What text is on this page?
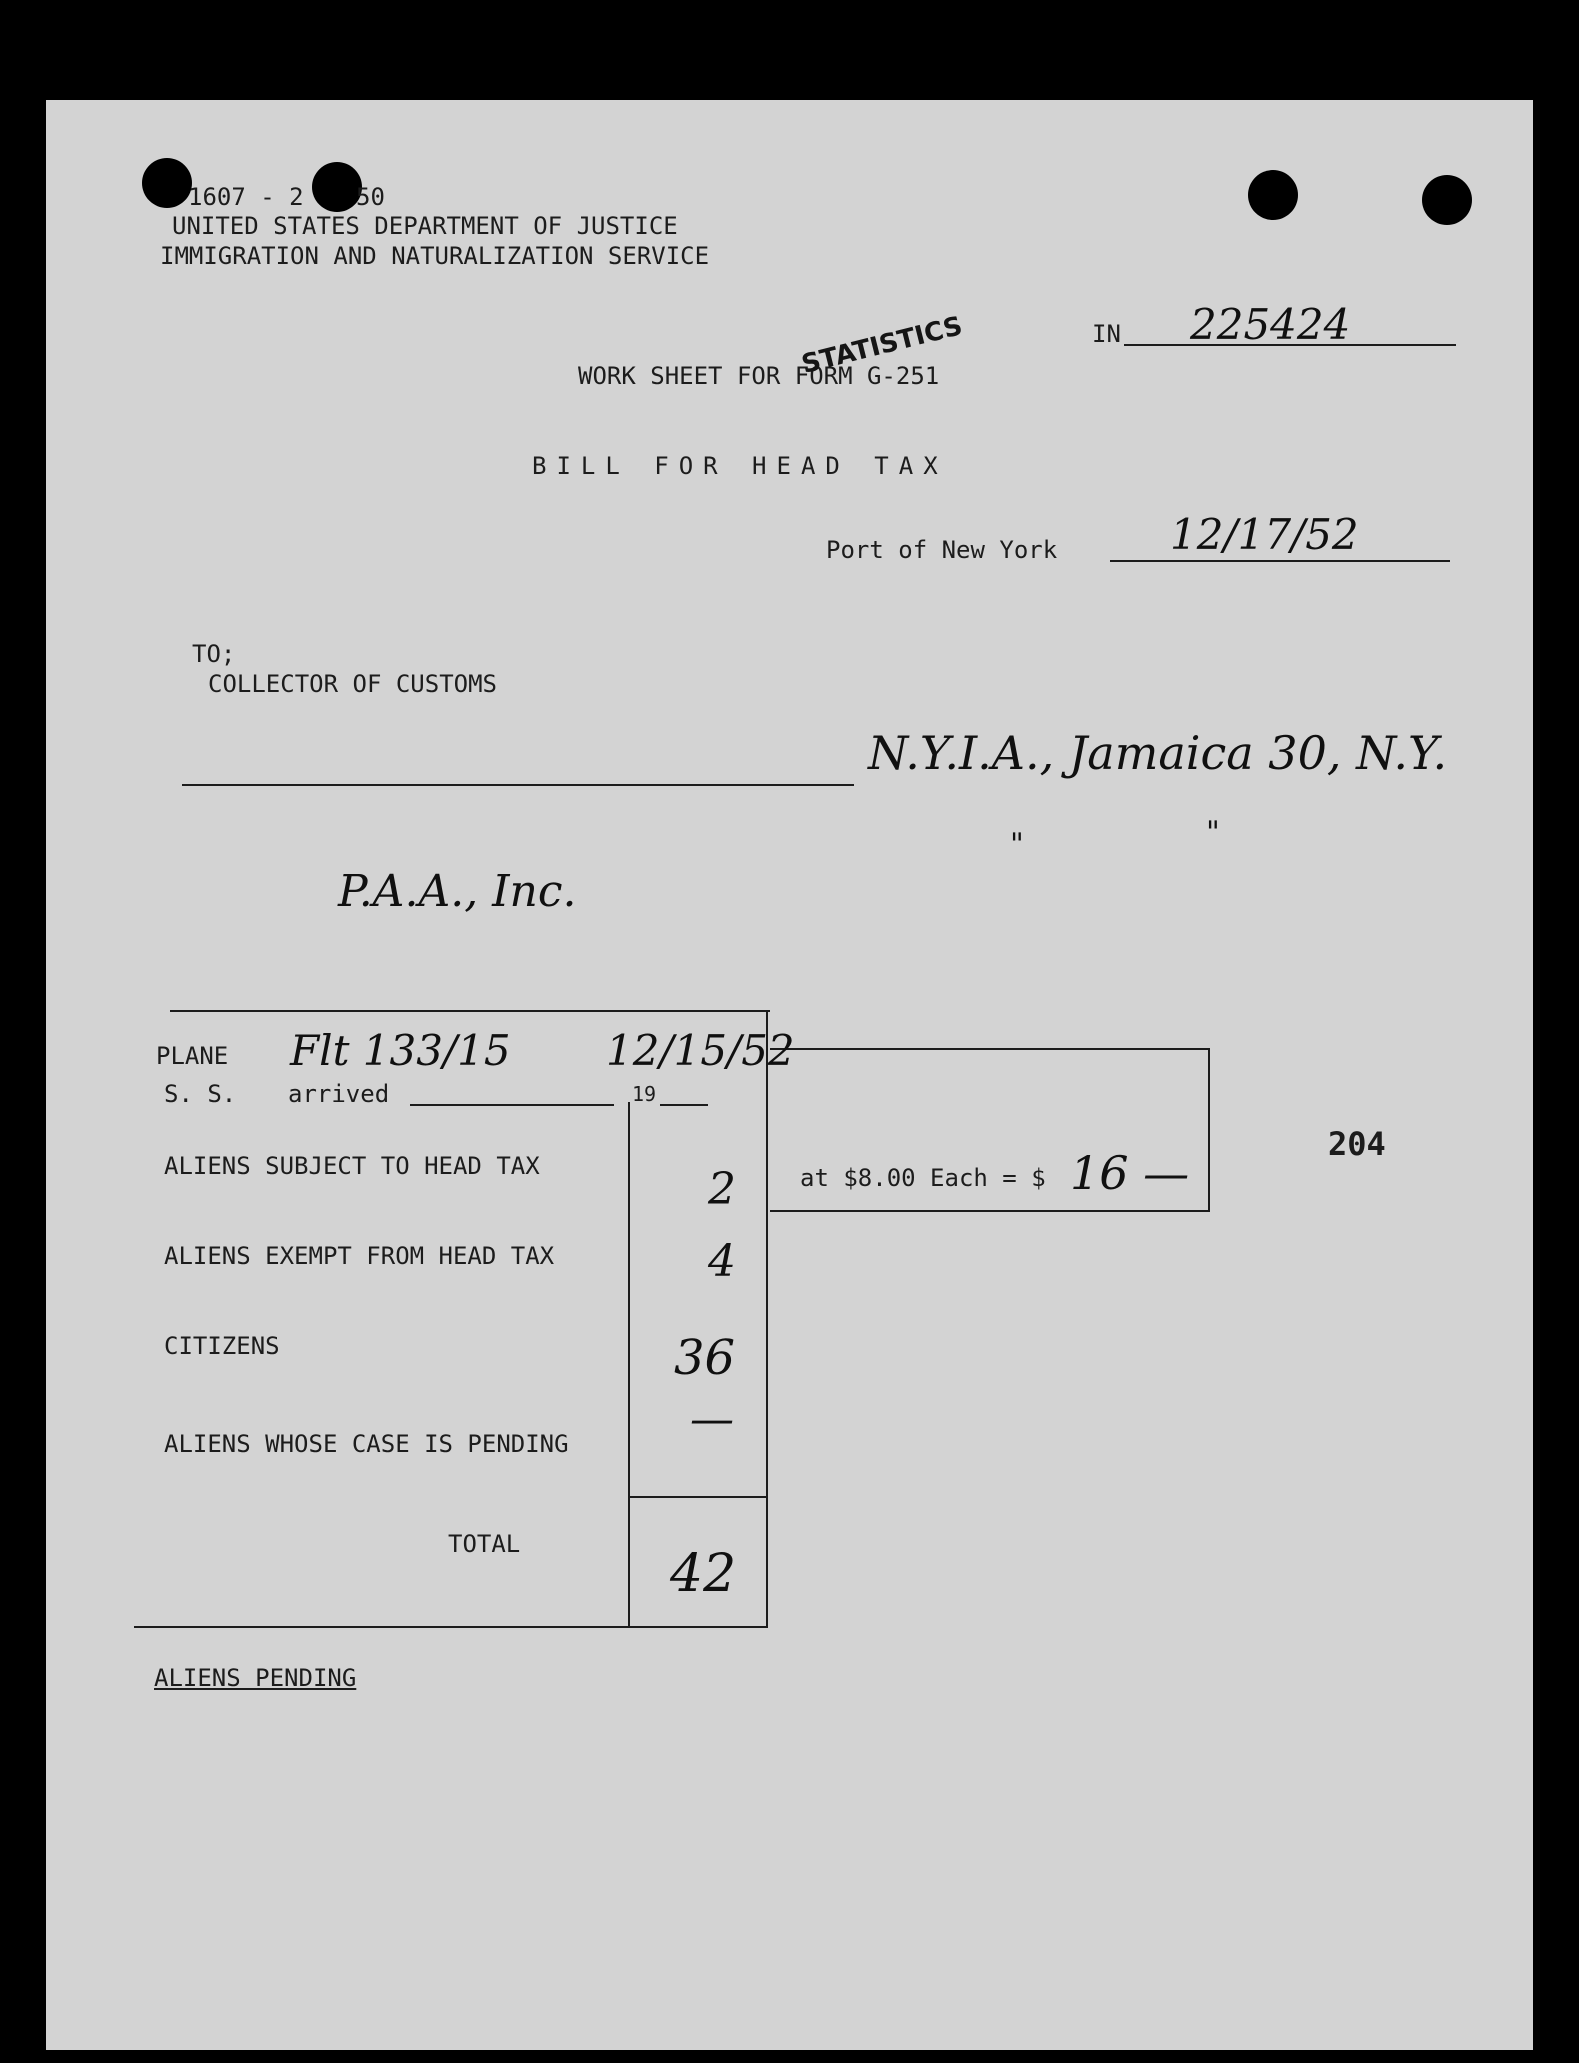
1607 - 2 50
UNITED STATES DEPARTMENT OF JUSTICE
IMMIGRATION AND NATURALIZATION SERVICE
IN 225424
WORK SHEET FOR FORM G-251
STATISTICS
BILL FOR HEAD TAX
Port of New York	12/17/52
TO;
COLLECTOR OF CUSTOMS
N.Y.I.A., Jamaica 30, N.Y.
"	"
P.A.A., Inc.
PLANE Flt 133/15 12/15/52
S. S. arrived	19
ALIENS SUBJECT TO HEAD TAX	2
ALIENS EXEMPT FROM HEAD TAX	4
CITIZENS	36
ALIENS WHOSE CASE IS PENDING	—
TOTAL	42
at $8.00 Each = $ 16 —
204
ALIENS PENDING
